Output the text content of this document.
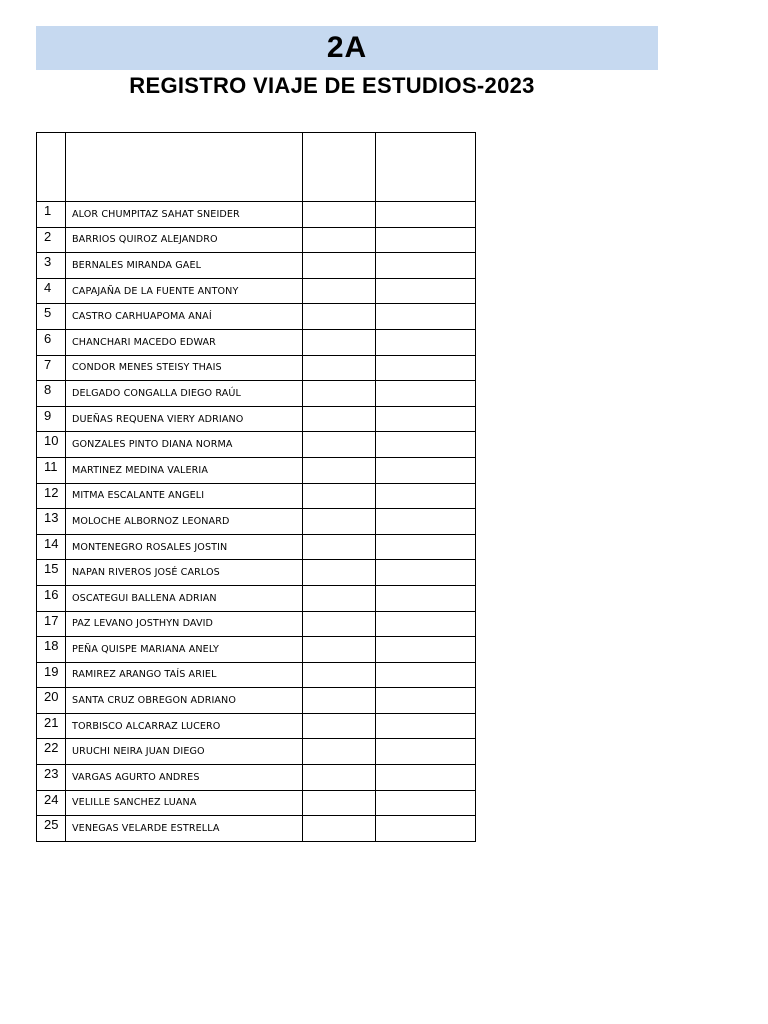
2A
REGISTRO VIAJE DE ESTUDIOS-2023

1	ALOR CHUMPITAZ SAHAT SNEIDER		
2	BARRIOS QUIROZ ALEJANDRO		
3	BERNALES MIRANDA GAEL		
4	CAPAJAÑA DE LA FUENTE ANTONY		
5	CASTRO CARHUAPOMA ANAÍ		
6	CHANCHARI MACEDO EDWAR		
7	CONDOR MENES STEISY THAIS		
8	DELGADO CONGALLA DIEGO RAÚL		
9	DUEÑAS REQUENA VIERY ADRIANO		
10	GONZALES PINTO DIANA NORMA		
11	MARTINEZ MEDINA VALERIA		
12	MITMA ESCALANTE ANGELI		
13	MOLOCHE ALBORNOZ LEONARD		
14	MONTENEGRO ROSALES JOSTIN		
15	NAPAN RIVEROS JOSÉ CARLOS		
16	OSCATEGUI BALLENA ADRIAN		
17	PAZ LEVANO JOSTHYN DAVID		
18	PEÑA QUISPE MARIANA ANELY		
19	RAMIREZ ARANGO TAÍS ARIEL		
20	SANTA CRUZ OBREGON ADRIANO		
21	TORBISCO ALCARRAZ LUCERO		
22	URUCHI NEIRA JUAN DIEGO		
23	VARGAS AGURTO ANDRES		
24	VELILLE SANCHEZ LUANA		
25	VENEGAS VELARDE ESTRELLA		
